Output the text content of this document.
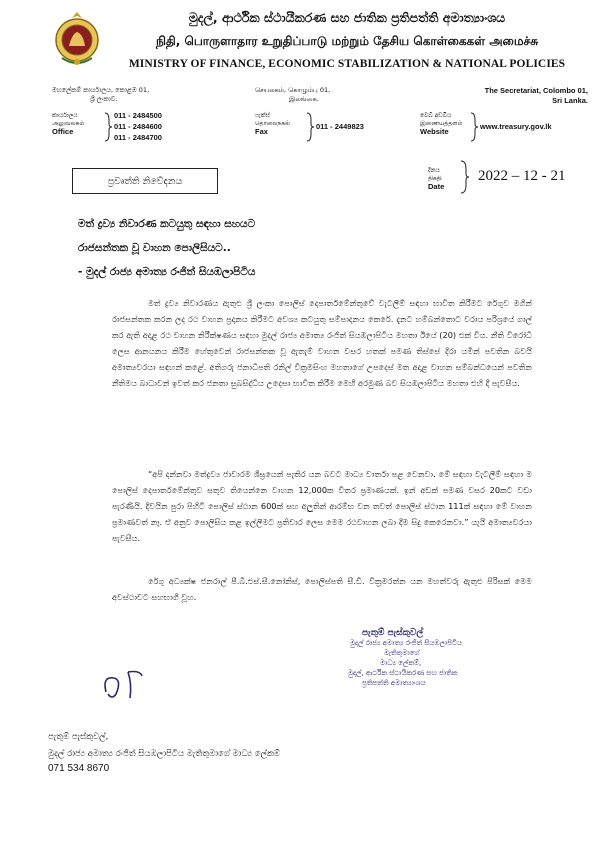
මුදල්, ආර්ථික ස්ථායීකරණ සහ ජාතික ප්‍රතිපත්ති අමාත්‍යාංශය
நிதி, பொருளாதார உறுதிப்பாடு மற்றும் தேசிய கொள்கைகள் அமைச்சு
MINISTRY OF FINANCE, ECONOMIC STABILIZATION & NATIONAL POLICIES
මහලේකම් කාර්යාලය, කොළඹ 01,
ශ්‍රී ලංකාව.
செயலகம், கொழும்பு 01,
இலங்கை.
The Secretariat, Colombo 01,
Sri Lanka.
කාර්යාලය
அலுவலகம்
Office
011 - 2484500
011 - 2484600
011 - 2484700
ෆැක්ස්
தொலைநகல்
Fax
011 - 2449823
වෙබ් අඩවිය
இணையத்தளம்
Website
www.treasury.gov.lk
ප්‍රවෘත්ති නිවේදනය
දිනය
திகதி
Date
2022 – 12 - 21
මත් ද්‍රව්‍ය නිවාරණ කටයුතු සඳහා සහයට
රාජසන්තක වූ වාහන පොලිසියට..
- මුදල් රාජ්‍ය අමාත්‍ය රංජිත් සියඹලාපිටිය
මත් ද්‍රව්‍ය නිවාරණය ඇතුළු ශ්‍රී ලංකා පොලිස් දෙපාර්තමේන්තුවේ වැටලීම් සඳහා භාවිත කිරීමට රේගුව මගින් රාජසන්තක කරන ලද රථ වාහන ප්‍රදානය කිරීමට අවශ්‍ය කටයුතු සම්පාදනය කෙරේ. දැනට හම්බන්තොට වරාය පරිශ්‍රයේ ගාල් කර ඇති අදාළ රථ වාහන නිරීක්ෂණය සඳහා මුදල් රාජ්‍ය අමාත්‍ය රංජිත් සියඹලාපිටිය මහතා ඊයේ (20) එක් විය. නීති විරෝධී ලෙස ආනයනය කිරීම හේතුවෙන් රාජසන්තක වූ ඇතැම් වාහන වසර හතක් පමණ තිස්සේ දිරා යමින් පවතින බවයි අමාත්‍යවරයා සඳහන් කළේ. අතිගරු ජනාධිපති රනිල් වික්‍රමසිංහ මහතාගේ උපදෙස් මත අදාළ වාහන සම්බන්ධයෙන් පවතින නීතිමය බාධාවන් ඉවත් කර ජනතා සුබසිද්ධිය උදෙසා භාවිත කිරීම මෙහි අරමුණ බව සියඹලාපිටිය මහතා එහි දී පැවසීය.
“අපි දන්නවා මත්ද්‍රව්‍ය ජාවාරම ශීඝ්‍රයෙන් පැතිර යන බවට මාධ්‍ය වාර්තා පළ වෙනවා. මේ සඳහා වැටලීම් සඳහා ම පොලිස් දෙපාර්තමේන්තුව සතුව තියෙන්නෙ වාහන 12,000ක විතර ප්‍රමාණයක්. ඉන් අඩක් පමණ වසර 20කට වඩා පැරණියි. දිවයින පුරා පිහිටි පොලිස් ස්ථාන 600ක් සහ අලුතින් ආරම්භ වන තවත් පොලිස් ස්ථාන 111ක් සඳහා මේ වාහන ප්‍රමාණවත් නෑ. ඒ අනුව පොලිසිය කළ ඉල්ලීමට ප්‍රතිචාර ලෙස මෙම රථවාහන ලබා දීම සිදු කෙරෙනවා.” යැයි අමාත්‍යවරයා පැවසීය.
රේගු අධ්‍යක්ෂ ජනරාල් පී.බී.එස්.සී.නෝනිස්, පොලිස්පති සී.ඩී. වික්‍රමරත්න යන මහත්වරු ඇතුළු පිරිසක් මෙම අවස්ථාවට සහභාගී වූහ.
පැතුම් පැස්කුවල්
මුදල් රාජ්‍ය අමාත්‍ය රංජිත් සියඹලාපිටිය
මැතිතුමාගේ
මාධ්‍ය ලේකම්,
මුදල්, ආර්ථික ස්ථායීකරණ සහ ජාතික
ප්‍රතිපත්ති අමාත්‍යාංශය
පැතුම් පැස්කුවල්,
මුදල් රාජ්‍ය අමාත්‍ය රංජිත් සියඹලාපිටිය මැතිතුමාගේ මාධ්‍ය ලේකම්
071 534 8670
